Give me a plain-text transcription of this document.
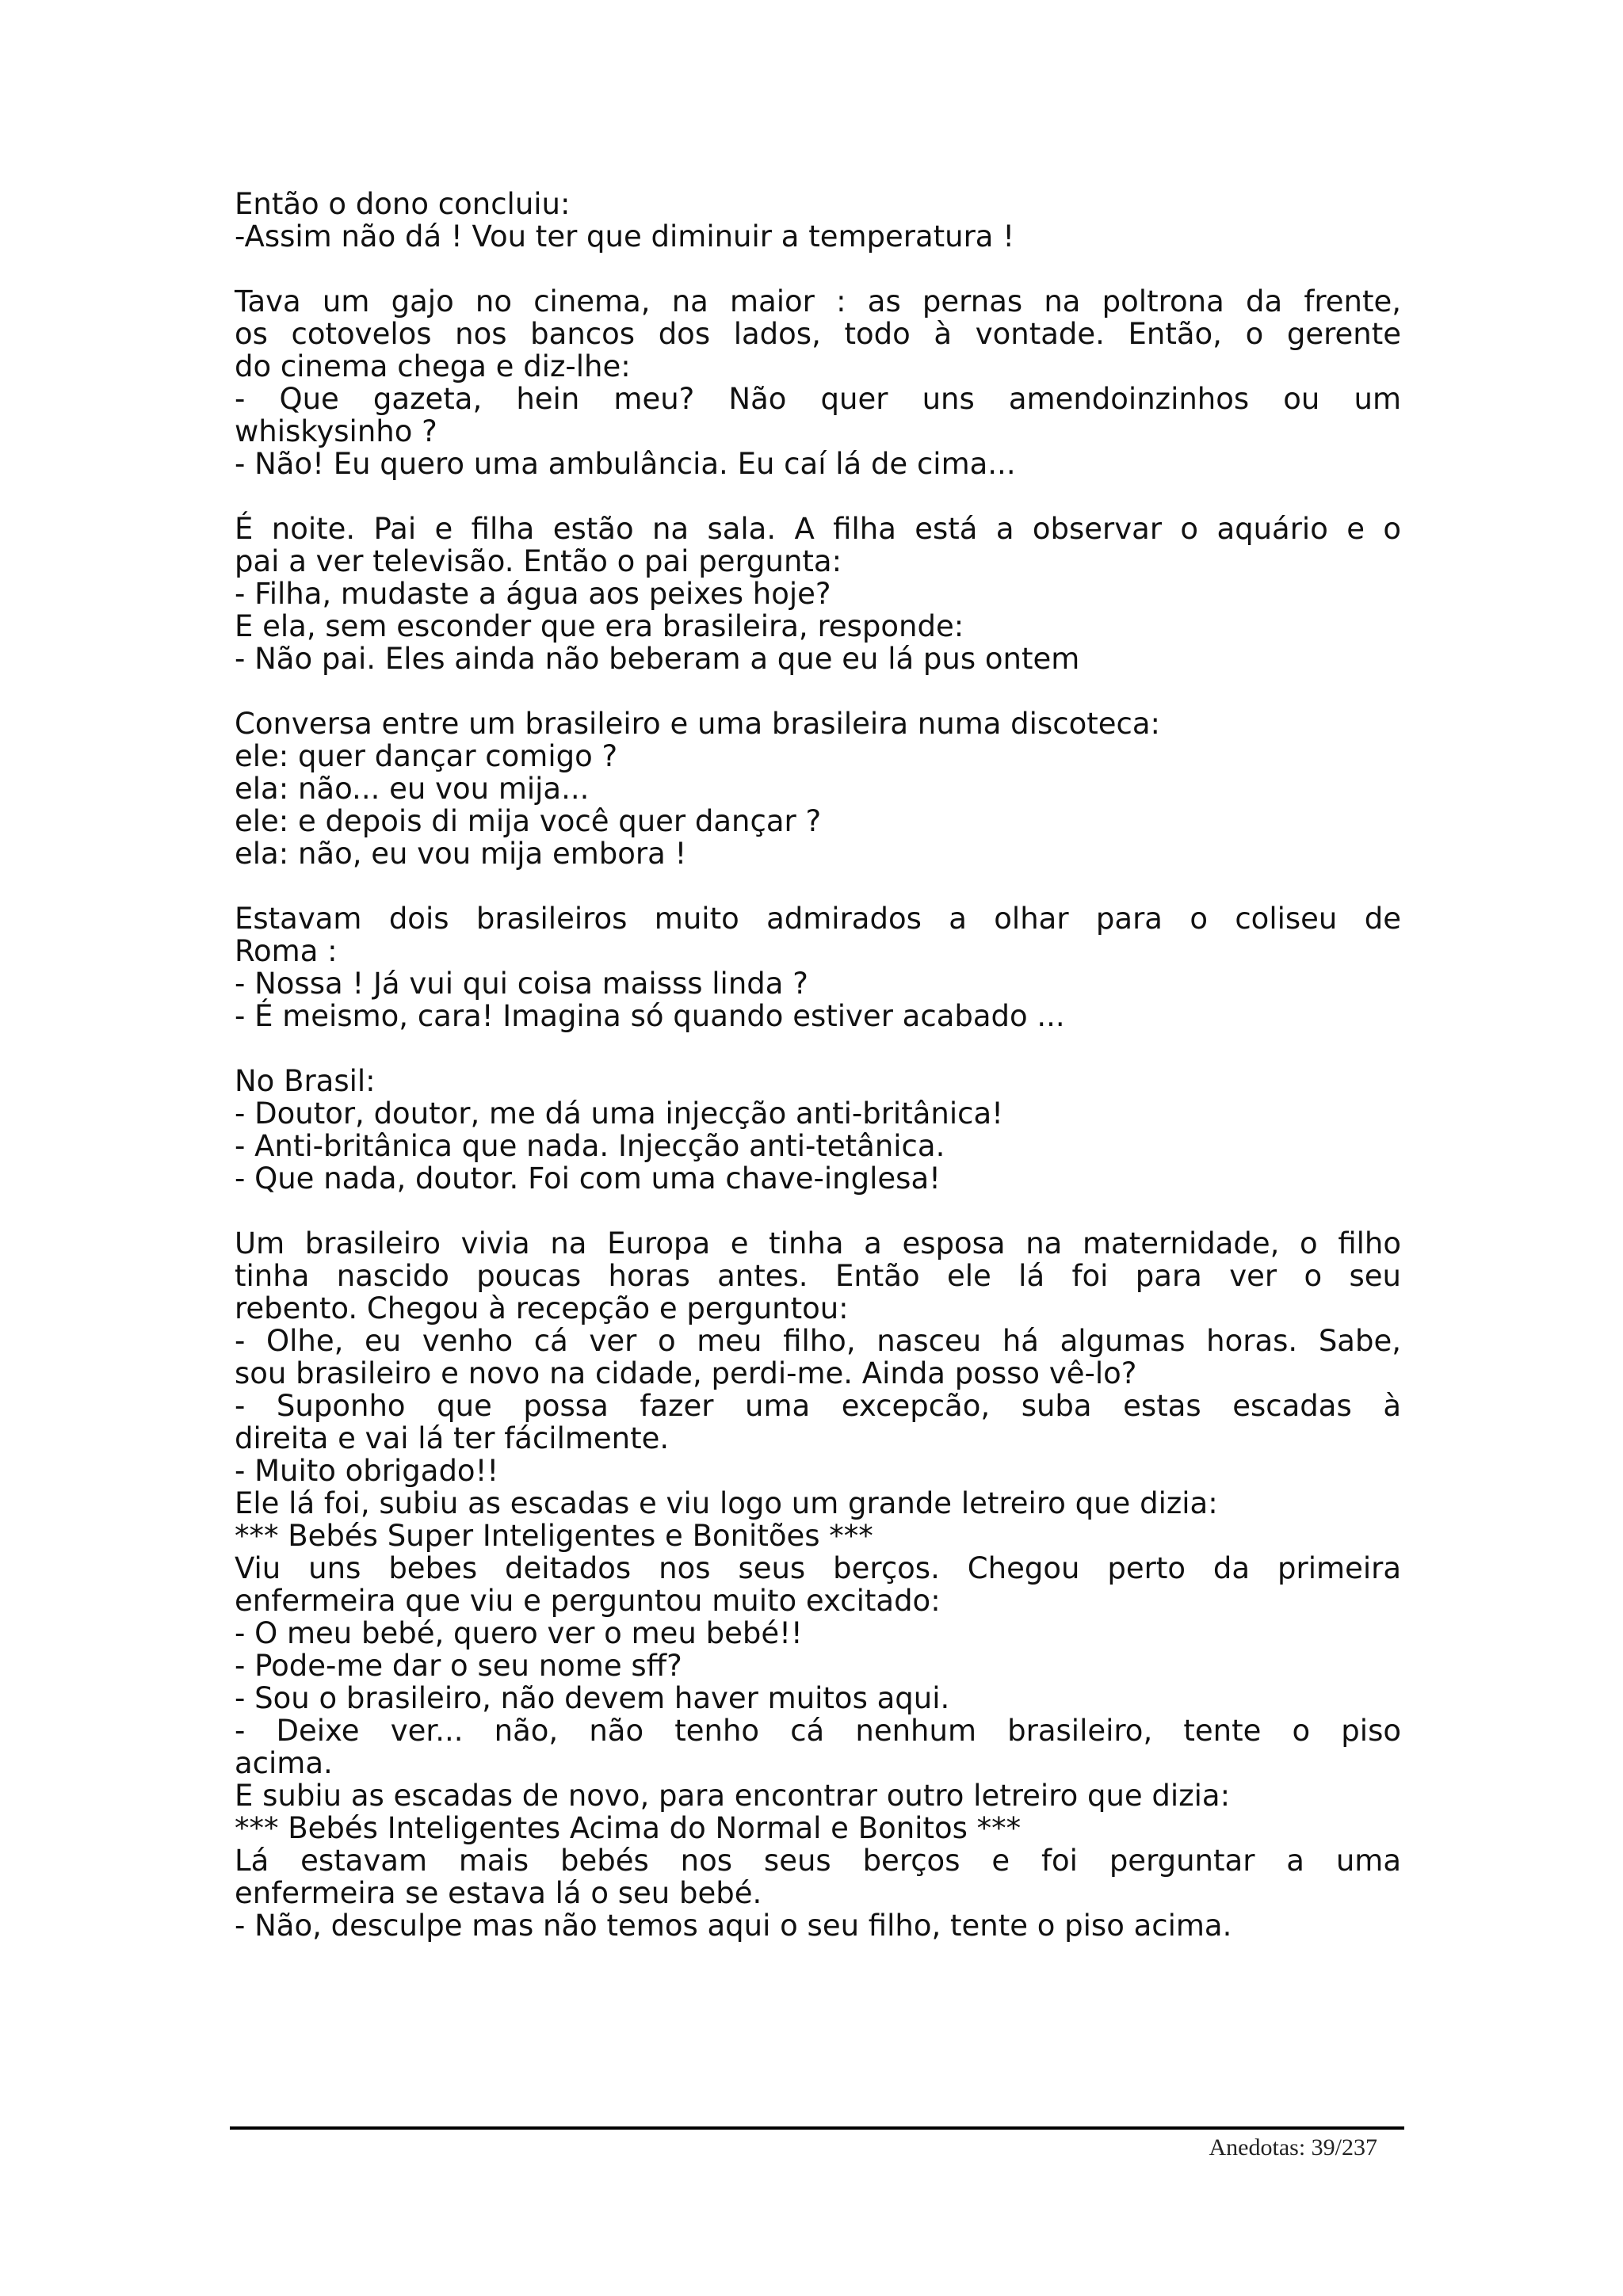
Então o dono concluiu:
-Assim não dá ! Vou ter que diminuir a temperatura !
Tava um gajo no cinema, na maior : as pernas na poltrona da frente,
os cotovelos nos bancos dos lados, todo à vontade. Então, o gerente
do cinema chega e diz-lhe:
- Que gazeta, hein meu? Não quer uns amendoinzinhos ou um
whiskysinho ?
- Não! Eu quero uma ambulância. Eu caí lá de cima...
É noite. Pai e filha estão na sala. A filha está a observar o aquário e o
pai a ver televisão. Então o pai pergunta:
- Filha, mudaste a água aos peixes hoje?
E ela, sem esconder que era brasileira, responde:
- Não pai. Eles ainda não beberam a que eu lá pus ontem
Conversa entre um brasileiro e uma brasileira numa discoteca:
ele: quer dançar comigo ?
ela: não... eu vou mija...
ele: e depois di mija você quer dançar ?
ela: não, eu vou mija embora !
Estavam dois brasileiros muito admirados a olhar para o coliseu de
Roma :
- Nossa ! Já vui qui coisa maisss linda ?
- É meismo, cara! Imagina só quando estiver acabado ...
No Brasil:
- Doutor, doutor, me dá uma injecção anti-britânica!
- Anti-britânica que nada. Injecção anti-tetânica.
- Que nada, doutor. Foi com uma chave-inglesa!
Um brasileiro vivia na Europa e tinha a esposa na maternidade, o filho
tinha nascido poucas horas antes. Então ele lá foi para ver o seu
rebento. Chegou à recepção e perguntou:
- Olhe, eu venho cá ver o meu filho, nasceu há algumas horas. Sabe,
sou brasileiro e novo na cidade, perdi-me. Ainda posso vê-lo?
- Suponho que possa fazer uma excepcão, suba estas escadas à
direita e vai lá ter fácilmente.
- Muito obrigado!!
Ele lá foi, subiu as escadas e viu logo um grande letreiro que dizia:
*** Bebés Super Inteligentes e Bonitões ***
Viu uns bebes deitados nos seus berços. Chegou perto da primeira
enfermeira que viu e perguntou muito excitado:
- O meu bebé, quero ver o meu bebé!!
- Pode-me dar o seu nome sff?
- Sou o brasileiro, não devem haver muitos aqui.
- Deixe ver... não, não tenho cá nenhum brasileiro, tente o piso
acima.
E subiu as escadas de novo, para encontrar outro letreiro que dizia:
*** Bebés Inteligentes Acima do Normal e Bonitos ***
Lá estavam mais bebés nos seus berços e foi perguntar a uma
enfermeira se estava lá o seu bebé.
- Não, desculpe mas não temos aqui o seu filho, tente o piso acima.
Anedotas: 39/237
